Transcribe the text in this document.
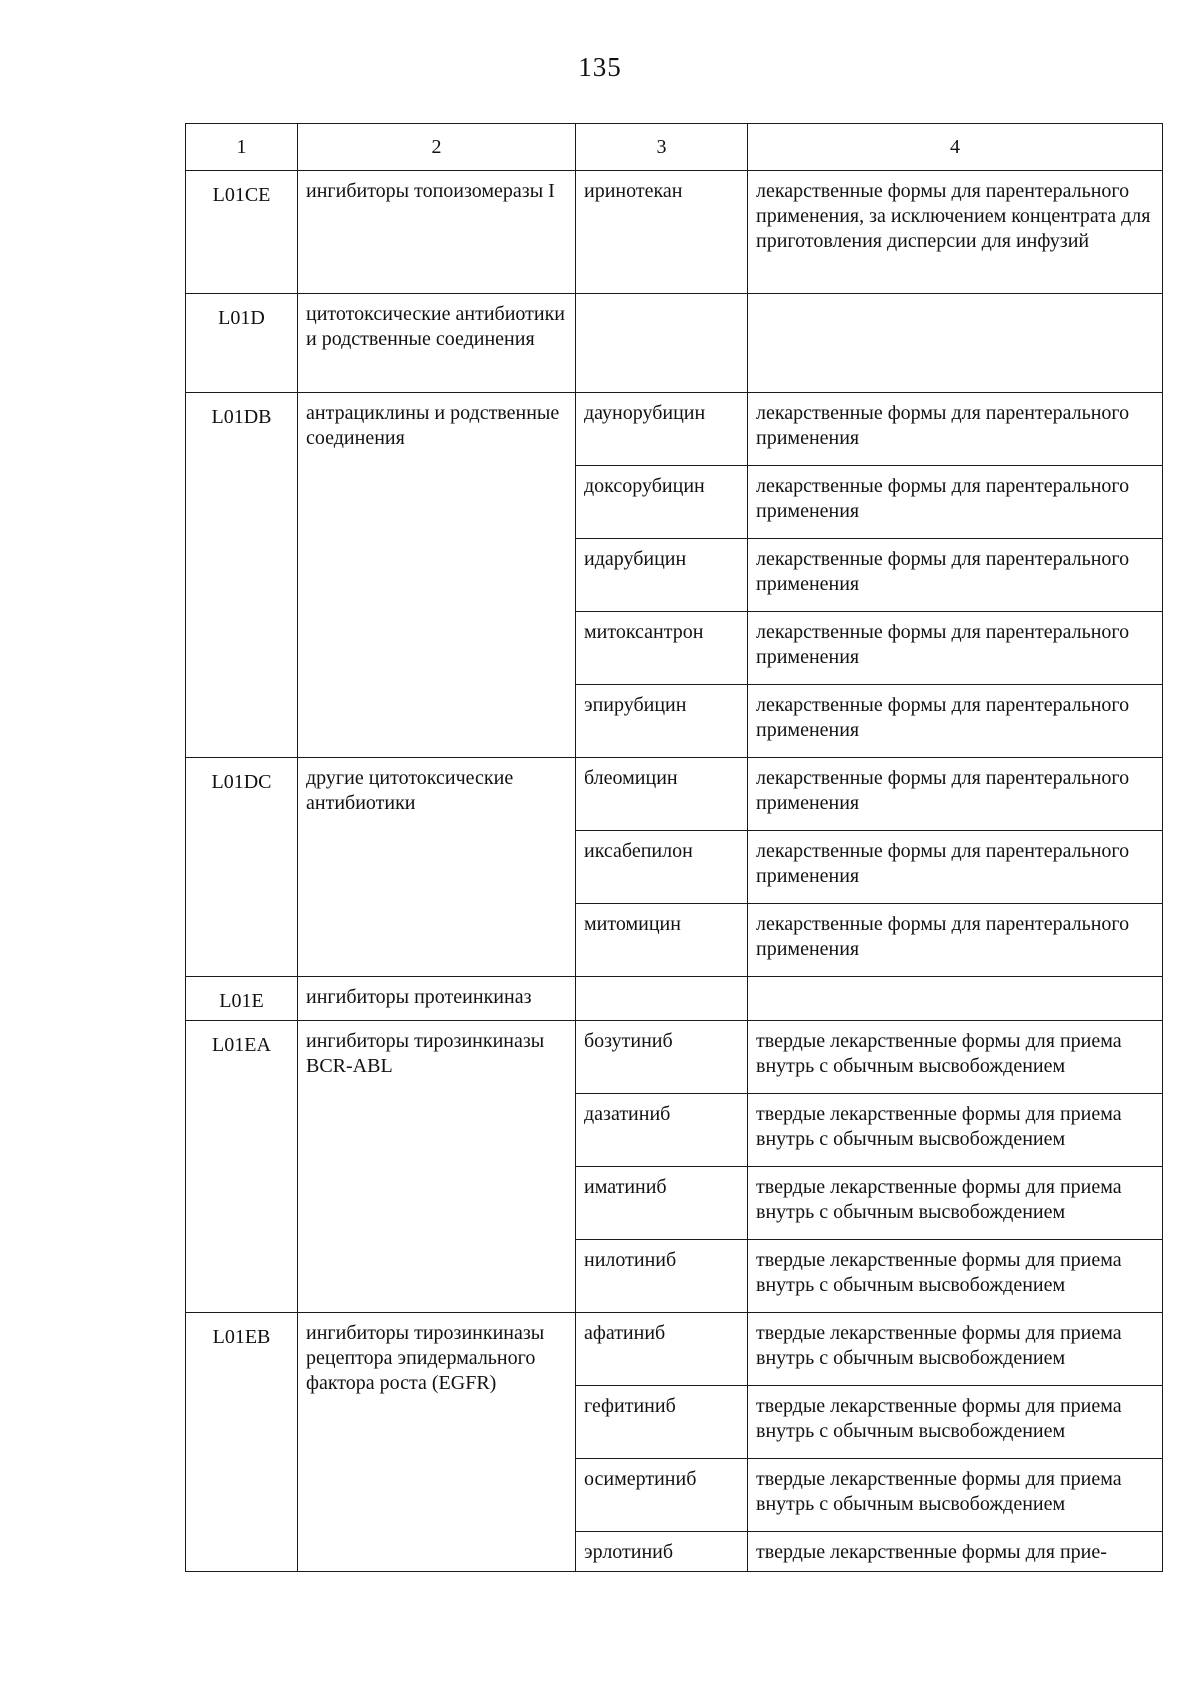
135
1	2	3	4
L01CE	ингибиторы топоизомеразы I	иринотекан	лекарственные формы для парентерального применения, за исключением концентрата для приготовления дисперсии для инфузий
L01D	цитотоксические антибиотики и родственные соединения		
L01DB	антрациклины и родственные соединения	даунорубицин	лекарственные формы для парентерального применения
		доксорубицин	лекарственные формы для парентерального применения
		идарубицин	лекарственные формы для парентерального применения
		митоксантрон	лекарственные формы для парентерального применения
		эпирубицин	лекарственные формы для парентерального применения
L01DC	другие цитотоксические антибиотики	блеомицин	лекарственные формы для парентерального применения
		иксабепилон	лекарственные формы для парентерального применения
		митомицин	лекарственные формы для парентерального применения
L01E	ингибиторы протеинкиназ		
L01EA	ингибиторы тирозинкиназы BCR-ABL	бозутиниб	твердые лекарственные формы для приема внутрь с обычным высвобождением
		дазатиниб	твердые лекарственные формы для приема внутрь с обычным высвобождением
		иматиниб	твердые лекарственные формы для приема внутрь с обычным высвобождением
		нилотиниб	твердые лекарственные формы для приема внутрь с обычным высвобождением
L01EB	ингибиторы тирозинкиназы рецептора эпидермального фактора роста (EGFR)	афатиниб	твердые лекарственные формы для приема внутрь с обычным высвобождением
		гефитиниб	твердые лекарственные формы для приема внутрь с обычным высвобождением
		осимертиниб	твердые лекарственные формы для приема внутрь с обычным высвобождением
		эрлотиниб	твердые лекарственные формы для прие-
